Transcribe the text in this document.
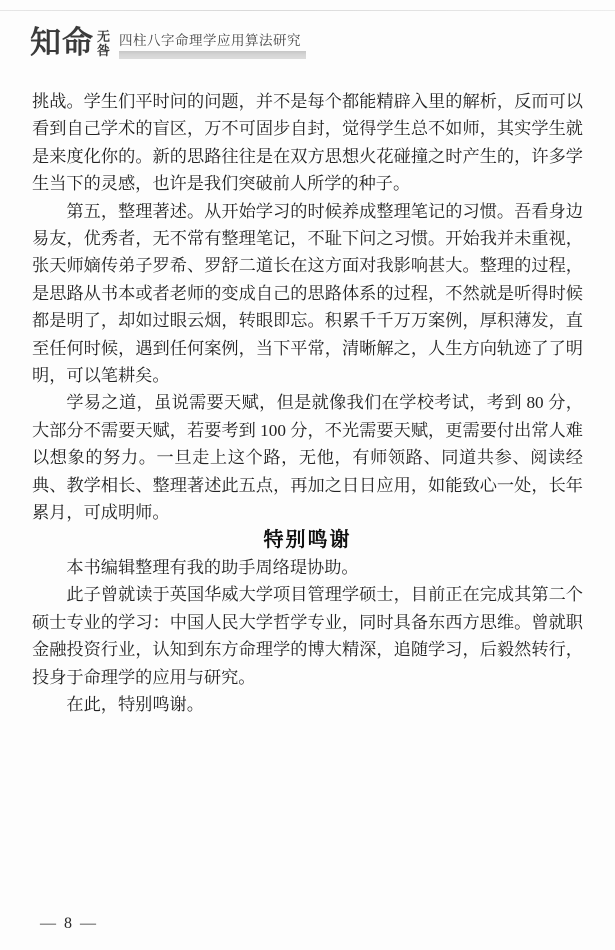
知命 无
咎
四柱八字命理学应用算法研究

挑战。学生们平时问的问题，并不是每个都能精辟入里的解析，反而可以看到自己学术的盲区，万不可固步自封，觉得学生总不如师，其实学生就是来度化你的。新的思路往往是在双方思想火花碰撞之时产生的，许多学生当下的灵感，也许是我们突破前人所学的种子。

第五，整理著述。从开始学习的时候养成整理笔记的习惯。吾看身边易友，优秀者，无不常有整理笔记，不耻下问之习惯。开始我并未重视，张天师嫡传弟子罗希、罗舒二道长在这方面对我影响甚大。整理的过程，是思路从书本或者老师的变成自己的思路体系的过程，不然就是听得时候都是明了，却如过眼云烟，转眼即忘。积累千千万万案例，厚积薄发，直至任何时候，遇到任何案例，当下平常，清晰解之，人生方向轨迹了了明明，可以笔耕矣。

学易之道，虽说需要天赋，但是就像我们在学校考试，考到 80 分，大部分不需要天赋，若要考到 100 分，不光需要天赋，更需要付出常人难以想象的努力。一旦走上这个路，无他，有师领路、同道共参、阅读经典、教学相长、整理著述此五点，再加之日日应用，如能致心一处，长年累月，可成明师。

特别鸣谢

本书编辑整理有我的助手周络瑅协助。

此子曾就读于英国华威大学项目管理学硕士，目前正在完成其第二个硕士专业的学习：中国人民大学哲学专业，同时具备东西方思维。曾就职金融投资行业，认知到东方命理学的博大精深，追随学习，后毅然转行，投身于命理学的应用与研究。

在此，特别鸣谢。

— 8 —
